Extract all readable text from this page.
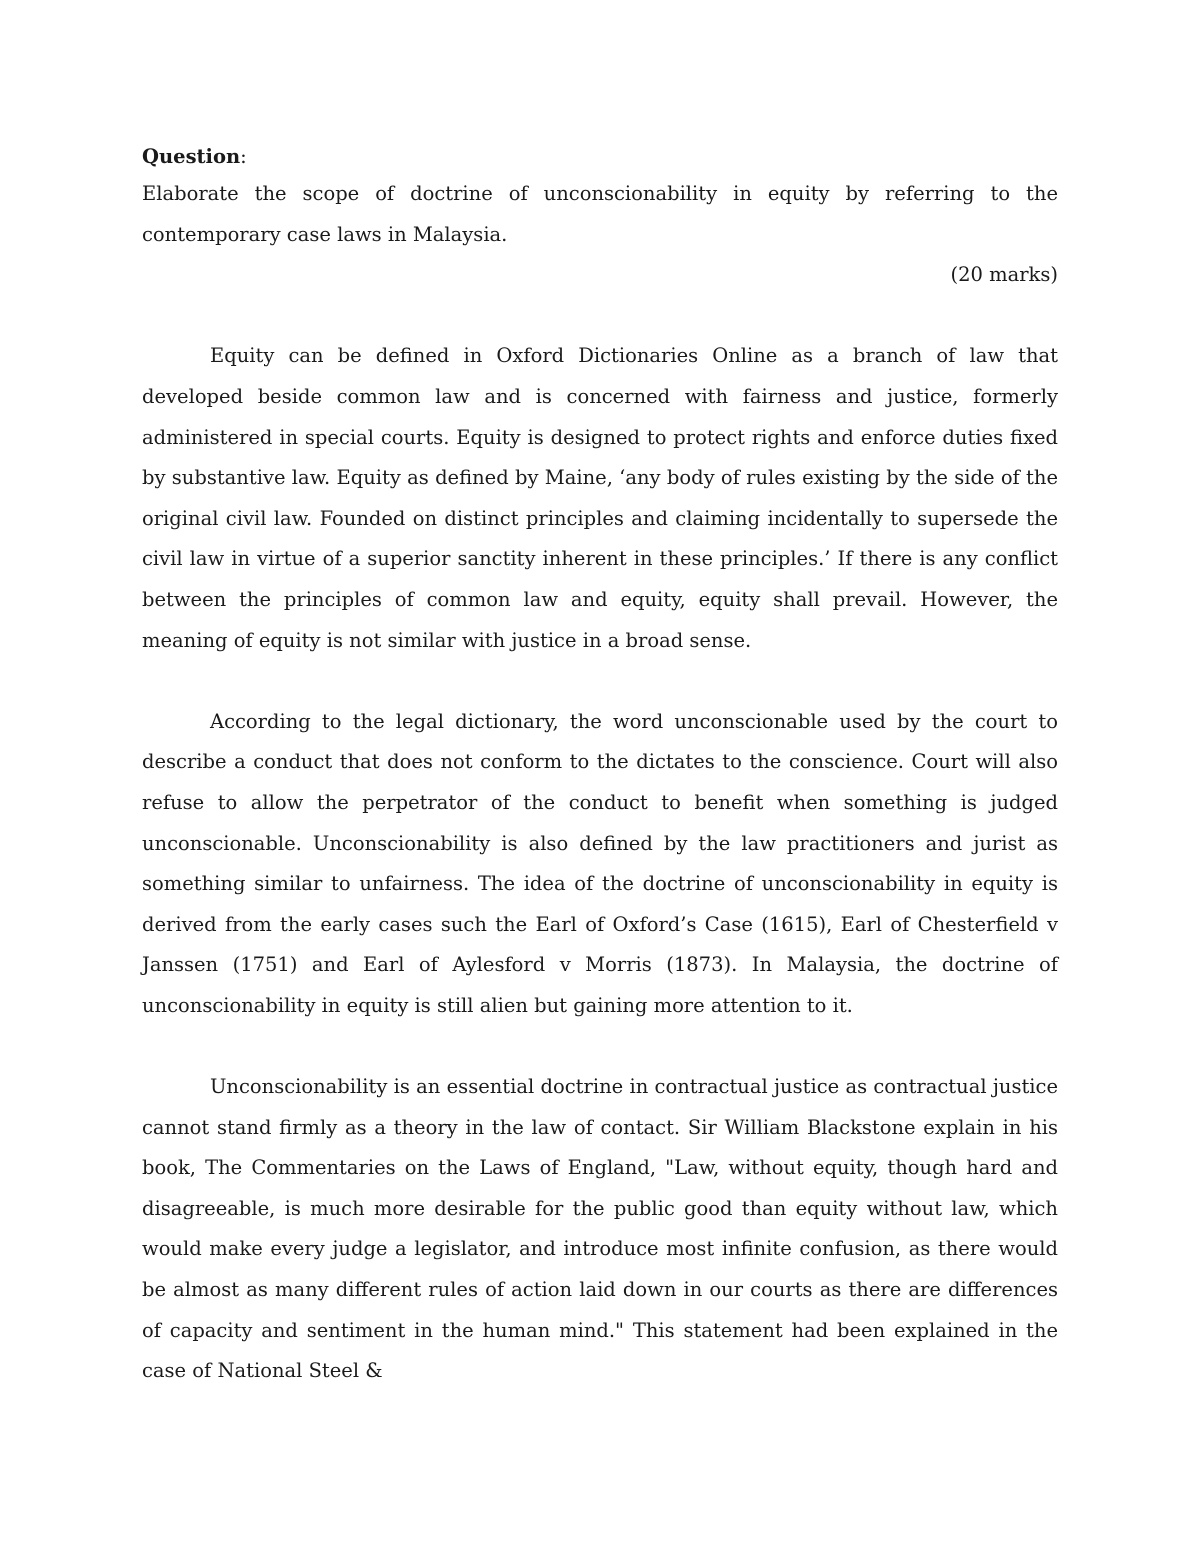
Question:

Elaborate the scope of doctrine of unconscionability in equity by referring to the contemporary case laws in Malaysia.

(20 marks)

Equity can be defined in Oxford Dictionaries Online as a branch of law that developed beside common law and is concerned with fairness and justice, formerly administered in special courts. Equity is designed to protect rights and enforce duties fixed by substantive law. Equity as defined by Maine, ‘any body of rules existing by the side of the original civil law. Founded on distinct principles and claiming incidentally to supersede the civil law in virtue of a superior sanctity inherent in these principles.’ If there is any conflict between the principles of common law and equity, equity shall prevail. However, the meaning of equity is not similar with justice in a broad sense.

According to the legal dictionary, the word unconscionable used by the court to describe a conduct that does not conform to the dictates to the conscience. Court will also refuse to allow the perpetrator of the conduct to benefit when something is judged unconscionable. Unconscionability is also defined by the law practitioners and jurist as something similar to unfairness. The idea of the doctrine of unconscionability in equity is derived from the early cases such the Earl of Oxford’s Case (1615), Earl of Chesterfield v Janssen (1751) and Earl of Aylesford v Morris (1873). In Malaysia, the doctrine of unconscionability in equity is still alien but gaining more attention to it.

Unconscionability is an essential doctrine in contractual justice as contractual justice cannot stand firmly as a theory in the law of contact. Sir William Blackstone explain in his book, The Commentaries on the Laws of England, "Law, without equity, though hard and disagreeable, is much more desirable for the public good than equity without law, which would make every judge a legislator, and introduce most infinite confusion, as there would be almost as many different rules of action laid down in our courts as there are differences of capacity and sentiment in the human mind." This statement had been explained in the case of National Steel &
